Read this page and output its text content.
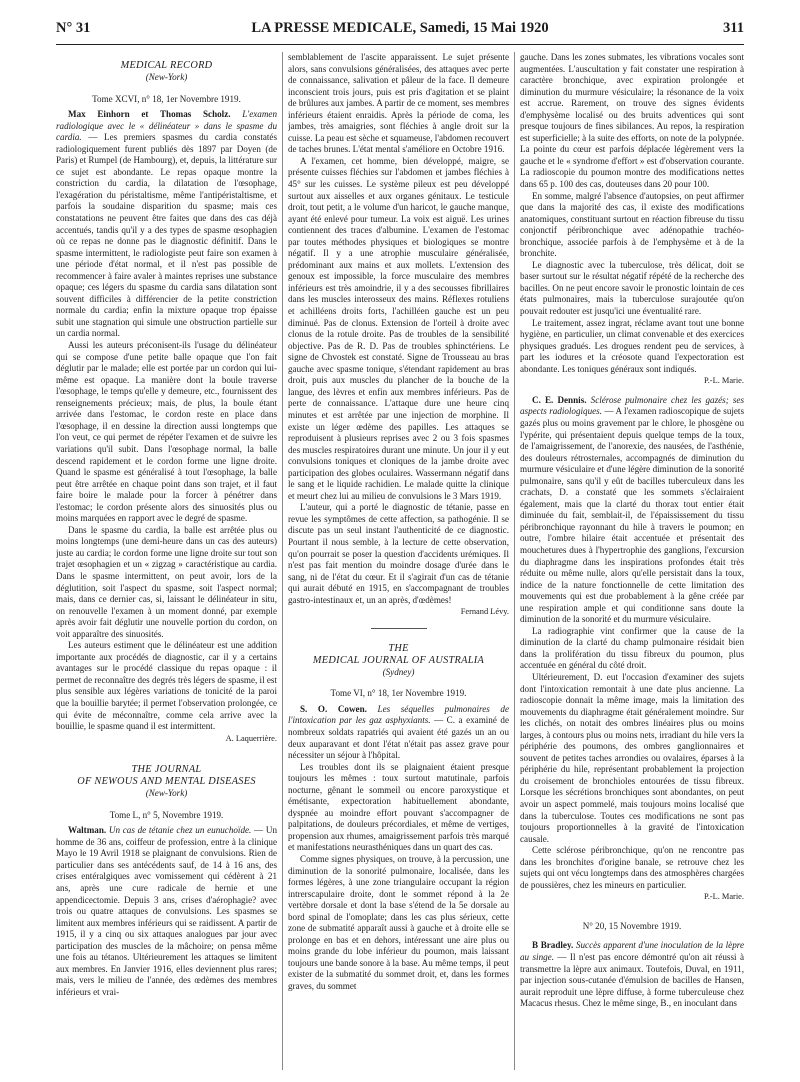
N° 31	LA PRESSE MEDICALE, Samedi, 15 Mai 1920	311
MEDICAL RECORD
(New-York)
Tome XCVI, n° 18, 1er Novembre 1919.

Max Einhorn et Thomas Scholz. L'examen radiologique avec le « délinéateur » dans le spasme du cardia. — Les premiers spasmes du cardia constatés radiologiquement furent publiés dès 1897 par Doyen (de Paris) et Rumpel (de Hambourg), et, depuis, la littérature sur ce sujet est abondante. Le repas opaque montre la constriction du cardia, la dilatation de l'œsophage, l'exagération du péristaltisme, même l'antipéristaltisme, et parfois la soudaine disparition du spasme; mais ces constatations ne peuvent être faites que dans des cas déjà accentués, tandis qu'il y a des types de spasme œsophagien où ce repas ne donne pas le diagnostic définitif. Dans le spasme intermittent, le radiologiste peut faire son examen à une période d'état normal, et il n'est pas possible de recommencer à faire avaler à maintes reprises une substance opaque; ces légers du spasme du cardia sans dilatation sont souvent difficiles à différencier de la petite constriction normale du cardia; enfin la mixture opaque trop épaisse subit une stagnation qui simule une obstruction partielle sur un cardia normal.

Aussi les auteurs préconisent-ils l'usage du délinéateur qui se compose d'une petite balle opaque que l'on fait déglutir par le malade; elle est portée par un cordon qui lui-même est opaque. La manière dont la boule traverse l'œsophage, le temps qu'elle y demeure, etc., fournissent des renseignements précieux; mais, de plus, la boule étant arrivée dans l'estomac, le cordon reste en place dans l'œsophage, il en dessine la direction aussi longtemps que l'on veut, ce qui permet de répéter l'examen et de suivre les variations qu'il subit. Dans l'œsophage normal, la balle descend rapidement et le cordon forme une ligne droite. Quand le spasme est généralisé à tout l'œsophage, la balle peut être arrêtée en chaque point dans son trajet, et il faut faire boire le malade pour la forcer à pénétrer dans l'estomac; le cordon présente alors des sinuosités plus ou moins marquées en rapport avec le degré de spasme.

Dans le spasme du cardia, la balle est arrêtée plus ou moins longtemps (une demi-heure dans un cas des auteurs) juste au cardia; le cordon forme une ligne droite sur tout son trajet œsophagien et un « zigzag » caractéristique au cardia. Dans le spasme intermittent, on peut avoir, lors de la déglutition, soit l'aspect du spasme, soit l'aspect normal; mais, dans ce dernier cas, si, laissant le délinéateur in situ, on renouvelle l'examen à un moment donné, par exemple après avoir fait déglutir une nouvelle portion du cordon, on voit apparaître des sinuosités.

Les auteurs estiment que le délinéateur est une addition importante aux procédés de diagnostic, car il y a certains avantages sur le procédé classique du repas opaque : il permet de reconnaître des degrés très légers de spasme, il est plus sensible aux légères variations de tonicité de la paroi que la bouillie barytée; il permet l'observation prolongée, ce qui évite de méconnaître, comme cela arrive avec la bouillie, le spasme quand il est intermittent.

A. Laquerrière.
THE JOURNAL
OF NEWOUS AND MENTAL DISEASES
(New-York)
Tome L, n° 5, Novembre 1919.

Waltman. Un cas de tétanie chez un eunuchoïde. — Un homme de 36 ans, coiffeur de profession, entre à la clinique Mayo le 19 Avril 1918 se plaignant de convulsions. Rien de particulier dans ses antécédents sauf, de 14 à 16 ans, des crises entéralgiques avec vomissement qui cédèrent à 21 ans, après une cure radicale de hernie et une appendicectomie. Depuis 3 ans, crises d'aérophagie? avec trois ou quatre attaques de convulsions. Les spasmes se limitent aux membres inférieurs qui se raidissent. A partir de 1915, il y a cinq ou six attaques analogues par jour avec participation des muscles de la mâchoire; on pensa même une fois au tétanos. Ultérieurement les attaques se limitent aux membres. En Janvier 1916, elles deviennent plus rares; mais, vers le milieu de l'année, des œdèmes des membres inférieurs et vrai-

semblablement de l'ascite apparaissent. Le sujet présente alors, sans convulsions généralisées, des attaques avec perte de connaissance, salivation et pâleur de la face. Il demeure inconscient trois jours, puis est pris d'agitation et se plaint de brûlures aux jambes. A partir de ce moment, ses membres inférieurs étaient enraidis. Après la période de coma, les jambes, très amaigries, sont fléchies à angle droit sur la cuisse. La peau est sèche et squameuse, l'abdomen recouvert de taches brunes. L'état mental s'améliore en Octobre 1916.

A l'examen, cet homme, bien développé, maigre, se présente cuisses fléchies sur l'abdomen et jambes fléchies à 45° sur les cuisses. Le système pileux est peu développé surtout aux aisselles et aux organes génitaux. Le testicule droit, tout petit, a le volume d'un haricot, le gauche manque, ayant été enlevé pour tumeur. La voix est aiguë. Les urines contiennent des traces d'albumine. L'examen de l'estomac par toutes méthodes physiques et biologiques se montre négatif. Il y a une atrophie musculaire généralisée, prédominant aux mains et aux mollets. L'extension des genoux est impossible, la force musculaire des membres inférieurs est très amoindrie, il y a des secousses fibrillaires dans les muscles interosseux des mains. Réflexes rotuliens et achilléens droits forts, l'achilléen gauche est un peu diminué. Pas de clonus. Extension de l'orteil à droite avec clonus de la rotule droite. Pas de troubles de la sensibilité objective. Pas de R. D. Pas de troubles sphinctériens. Le signe de Chvostek est constaté. Signe de Trousseau au bras gauche avec spasme tonique, s'étendant rapidement au bras droit, puis aux muscles du plancher de la bouche de la langue, des lèvres et enfin aux membres inférieurs. Pas de perte de connaissance. L'attaque dure une heure cinq minutes et est arrêtée par une injection de morphine. Il existe un léger œdème des papilles. Les attaques se reproduisent à plusieurs reprises avec 2 ou 3 fois spasmes des muscles respiratoires durant une minute. Un jour il y eut convulsions toniques et cloniques de la jambe droite avec participation des globes oculaires. Wassermann négatif dans le sang et le liquide rachidien. Le malade quitte la clinique et meurt chez lui au milieu de convulsions le 3 Mars 1919.

L'auteur, qui a porté le diagnostic de tétanie, passe en revue les symptômes de cette affection, sa pathogénie. Il se discute pas un seul instant l'authenticité de ce diagnostic. Pourtant il nous semble, à la lecture de cette observation, qu'on pourrait se poser la question d'accidents urémiques. Il n'est pas fait mention du moindre dosage d'urée dans le sang, ni de l'état du cœur. Et il s'agirait d'un cas de tétanie qui aurait débuté en 1915, en s'accompagnant de troubles gastro-intestinaux et, un an après, d'œdèmes!

Fernand Lévy.
THE
MEDICAL JOURNAL OF AUSTRALIA
(Sydney)
Tome VI, n° 18, 1er Novembre 1919.

S. O. Cowen. Les séquelles pulmonaires de l'intoxication par les gaz asphyxiants. — C. a examiné de nombreux soldats rapatriés qui avaient été gazés un an ou deux auparavant et dont l'état n'était pas assez grave pour nécessiter un séjour à l'hôpital.

Les troubles dont ils se plaignaient étaient presque toujours les mêmes : toux surtout matutinale, parfois nocturne, gênant le sommeil ou encore paroxystique et émétisante, expectoration habituellement abondante, dyspnée au moindre effort pouvant s'accompagner de palpitations, de douleurs précordiales, et même de vertiges, propension aux rhumes, amaigrissement parfois très marqué et manifestations neurasthéniques dans un quart des cas.

Comme signes physiques, on trouve, à la percussion, une diminution de la sonorité pulmonaire, localisée, dans les formes légères, à une zone triangulaire occupant la région intrerscapulaire droite, dont le sommet répond à la 2e vertèbre dorsale et dont la base s'étend de la 5e dorsale au bord spinal de l'omoplate; dans les cas plus sérieux, cette zone de submatité apparaît aussi à gauche et à droite elle se prolonge en bas et en dehors, intéressant une aire plus ou moins grande du lobe inférieur du poumon, mais laissant toujours une bande sonore à la base. Au même temps, il peut exister de la submatité du sommet droit, et, dans les formes graves, du sommet

gauche. Dans les zones submates, les vibrations vocales sont augmentées. L'auscultation y fait constater une respiration à caractère bronchique, avec expiration prolongée et diminution du murmure vésiculaire; la résonance de la voix est accrue. Rarement, on trouve des signes évidents d'emphysème localisé ou des bruits adventices qui sont presque toujours de fines sibilances. Au repos, la respiration est superficielle; à la suite des efforts, on note de la polypnée. La pointe du cœur est parfois déplacée légèrement vers la gauche et le « syndrome d'effort » est d'observation courante. La radioscopie du poumon montre des modifications nettes dans 65 p. 100 des cas, douteuses dans 20 pour 100.

En somme, malgré l'absence d'autopsies, on peut affirmer que dans la majorité des cas, il existe des modifications anatomiques, constituant surtout en réaction fibreuse du tissu conjonctif péribronchique avec adénopathie trachéo-bronchique, associée parfois à de l'emphysème et à de la bronchite.

Le diagnostic avec la tuberculose, très délicat, doit se baser surtout sur le résultat négatif répété de la recherche des bacilles. On ne peut encore savoir le pronostic lointain de ces états pulmonaires, mais la tuberculose surajoutée qu'on pouvait redouter est jusqu'ici une éventualité rare.

Le traitement, assez ingrat, réclame avant tout une bonne hygiène, en particulier, un climat convenable et des exercices physiques gradués. Les drogues rendent peu de services, à part les iodures et la créosote quand l'expectoration est abondante. Les toniques généraux sont indiqués.

P.-L. Marie.

C. E. Dennis. Sclérose pulmonaire chez les gazés; ses aspects radiologiques. — A l'examen radioscopique de sujets gazés plus ou moins gravement par le chlore, le phosgène ou l'ypérite, qui présentaient depuis quelque temps de la toux, de l'amaigrissement, de l'anorexie, des nausées, de l'asthénie, des douleurs rétrosternales, accompagnés de diminution du murmure vésiculaire et d'une légère diminution de la sonorité pulmonaire, sans qu'il y eût de bacilles tuberculeux dans les crachats, D. a constaté que les sommets s'éclairaient également, mais que la clarté du thorax tout entier était diminuée du fait, semblait-il, de l'épaississement du tissu péribronchique rayonnant du hile à travers le poumon; en outre, l'ombre hilaire était accentuée et présentait des mouchetures dues à l'hypertrophie des ganglions, l'excursion du diaphragme dans les inspirations profondes était très réduite ou même nulle, alors qu'elle persistait dans la toux, indice de la nature fonctionnelle de cette limitation des mouvements qui est due probablement à la gêne créée par une respiration ample et qui conditionne sans doute la diminution de la sonorité et du murmure vésiculaire.

La radiographie vint confirmer que la cause de la diminution de la clarté du champ pulmonaire résidait bien dans la prolifération du tissu fibreux du poumon, plus accentuée en général du côté droit.

Ultérieurement, D. eut l'occasion d'examiner des sujets dont l'intoxication remontait à une date plus ancienne. La radioscopie donnait la même image, mais la limitation des mouvements du diaphragme était généralement moindre. Sur les clichés, on notait des ombres linéaires plus ou moins larges, à contours plus ou moins nets, irradiant du hile vers la périphérie des poumons, des ombres ganglionnaires et souvent de petites taches arrondies ou ovalaires, éparses à la périphérie du hile, représentant probablement la projection du croisement de bronchioles entourées de tissu fibreux. Lorsque les sécrétions bronchiques sont abondantes, on peut avoir un aspect pommelé, mais toujours moins localisé que dans la tuberculose. Toutes ces modifications ne sont pas toujours proportionnelles à la gravité de l'intoxication causale.

Cette sclérose péribronchique, qu'on ne rencontre pas dans les bronchites d'origine banale, se retrouve chez les sujets qui ont vécu longtemps dans des atmosphères chargées de poussières, chez les mineurs en particulier.

P.-L. Marie.
N° 20, 15 Novembre 1919.

B Bradley. Succès apparent d'une inoculation de la lèpre au singe. — Il n'est pas encore démontré qu'on ait réussi à transmettre la lèpre aux animaux. Toutefois, Duval, en 1911, par injection sous-cutanée d'émulsion de bacilles de Hansen, aurait reproduit une lèpre diffuse, à forme tuberculeuse chez Macacus rhesus. Chez le même singe, B., en inoculant dans
